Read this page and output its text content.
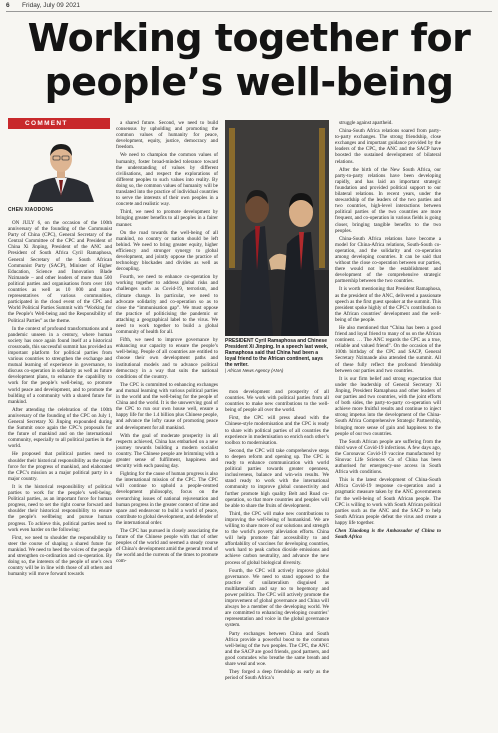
6 Friday, July 09 2021
Working together for
people’s well-being
COMMENT
CHEN XIAODONG

ON JULY 6, on the occasion of the 100th anniversary of the founding of the Communist Party of China (CPC), General Secretary of the Central Committee of the CPC and President of China Xi Jinping, President of the ANC and President of South Africa Cyril Ramaphosa, General Secretary of the South African Communist Party (SACP), Minister of Higher Education, Science and Innovation Blade Nzimande – and other leaders of more than 500 political parties and organisations from over 160 countries as well as 10 000 and more representatives of various communities, participated in the cloud event of the CPC and World Political Parties Summit with “Working for the People’s Well-being and the Responsibility of Political Parties” as the theme.

In the context of profound transformations and a pandemic unseen in a century, where human society has once again found itself at a historical crossroads, this successful summit has provided an important platform for political parties from various countries to strengthen the exchange and mutual learning of experience in governance, to discuss co-operation in solidarity as well as future development plans, to enhance the capability to work for the people’s well-being, so promote world peace and development, and to promote the building of a community with a shared future for mankind.

After attending the celebration of the 100th anniversary of the founding of the CPC on July 1, General Secretary Xi Jinping expounded during the Summit once again the CPC’s proposals for the future of mankind and on the international community, especially to all political parties in the world.

He proposed that political parties need to shoulder their historical responsibility as the major force for the progress of mankind, and elaborated the CPC’s mission as a major political party in a major country.

It is the historical responsibility of political parties to work for the people’s well-being. Political parties, as an important force for human progress, need to set the right course forward and shoulder their historical responsibility to ensure the people’s wellbeing and pursue human progress. To achieve this, political parties need to work even harder on the following:

First, we need to shoulder the responsibility to steer the course of shaping a shared future for mankind. We need to heed the voices of the people and strengthen co-ordination and co-operation. By doing so, the interests of the people of one’s own country will be in line with those of all others and humanity will move forward towards

a shared future. Second, we need to build consensus by upholding and promoting the common values of humanity for peace, development, equity, justice, democracy and freedom.

We need to champion the common values of humanity, foster broad-minded tolerance toward the understanding of values by different civilisations, and respect the explorations of different peoples to such values into reality. By doing so, the common values of humanity will be translated into the practice of individual countries to serve the interests of their own peoples in a concrete and realistic way.

Third, we need to promote development by bringing greater benefits to all peoples in a fairer manner.

On the road towards the well-being of all mankind, no country or nation should be left behind. We need to bring greater equity, higher efficiency and stronger synergy to global development, and jointly oppose the practice of technology blockades and divides as well as decoupling.

Fourth, we need to enhance co-operation by working together to address global risks and challenges such as Covid-19, terrorism, and climate change. In particular, we need to advocate solidarity and co-operation so as to close the “immunisation gap”. We must oppose the practice of politicising the pandemic or attaching a geographical label to the virus. We need to work together to build a global community of health for all.

Fifth, we need to improve governance by enhancing our capacity to ensure the people’s well-being. People of all countries are entitled to choose their own development paths and institutional models and to advance political democracy in a way that suits the national conditions of the country.

The CPC is committed to enhancing exchanges and mutual learning with various political parties in the world and the well-being for the people of China and the world. It is the unswerving goal of the CPC to run our own house well, ensure a happy life for the 1.4 billion plus Chinese people, and advance the lofty cause of promoting peace and development for all mankind.

With the goal of moderate prosperity in all respects achieved, China has embarked on a new journey towards building a modern socialist country. The Chinese people are brimming with a greater sense of fulfilment, happiness and security with each passing day.

Fighting for the cause of human progress is also the international mission of the CPC. The CPC will continue to uphold a people-centred development philosophy, focus on the overarching issues of national rejuvenation and human progress in the greater context of time and space and endeavour to build a world of peace, contribute to global development, and defender of the international order.

The CPC has pursued in closely associating the future of the Chinese people with that of other peoples of the world and seemed a steady course of China’s development amid the general trend of the world and the currents of the times to promote com-

PRESIDENT Cyril Ramaphosa and Chinese President Xi Jinping. In a speech last week, Ramaphosa said that China had been a loyal friend to the African continent, says the writer.
| African News Agency (ANA)

mon development and prosperity of all countries. We work with political parties from all countries to make new contributions to the well-being of people all over the world.

First, the CPC will press ahead with the Chinese-style modernisation and the CPC is ready to share with political parties of all countries the experience in modernisation so enrich each other’s toolbox to modernisation.

Second, the CPC will take comprehensive steps to deepen reform and opening up. The CPC is ready to enhance communication with world political parties towards greater openness, inclusiveness, balance and win-win results. We stand ready to work with the international community to improve global connectivity and further promote high quality Belt and Road co-operation, so that more countries and peoples will be able to share the fruits of development.

Third, the CPC will make new contributions to improving the well-being of humankind. We are willing to share more of our solutions and strength to the world’s poverty alleviation efforts. China will help promote fair accessibility to and affordability of vaccines for developing countries, work hard to peak carbon dioxide emissions and achieve carbon neutrality, and advance the new process of global biological diversity.

Fourth, the CPC will actively improve global governance. We need to stand opposed to the practice of unilateralism disguised as multilateralism and say no to hegemony and power politics. The CPC will actively promote the improvement of global governance and China will always be a member of the developing world. We are committed to enhancing developing countries’ representation and voice in the global governance system.

Party exchanges between China and South Africa provide a powerful boost to the common well-being of the two peoples. The CPC, the ANC and the SACP are good friends, good partners, and good comrades who breathe the same breath and share weal and woe.

They forged a deep friendship as early as the period of South Africa’s

struggle against apartheid.

China-South Africa relations soared from party-to-party exchanges. The strong friendship, close exchanges and important guidance provided by the leaders of the CPC, the ANC and the SACP have boosted the sustained development of bilateral relations.

After the birth of the New South Africa, our party-to-party relations have been developing rapidly, and has laid an important strategic foundation and provided political support to our bilateral relations. In recent years, under the stewardship of the leaders of the two parties and two countries, high-level interactions between political parties of the two countries are more frequent, and co-operation in various fields is going closer, bringing tangible benefits to the two peoples.

China-South Africa relations have become a model for China-Africa relations, South-South co-operation, and the solidarity and co-operation among developing countries. It can be said that without the close co-operation between our parties, there would not be the establishment and development of the comprehensive strategic partnership between the two countries.

It is worth mentioning that President Ramaphosa, as the president of the ANC, delivered a passionate speech as the first guest speaker at the summit. This president spoke highly of the CPC’s contribution to the African countries’ development and the well-being of the people.

He also mentioned that “China has been a good friend and loyal friend to many of us on the African continent. … The ANC regards the CPC as a true, reliable and valued friend”. On the occasion of the 100th birthday of the CPC and SACP, General Secretary Nzimande also attended the summit. All of these fully reflect the profound friendship between our parties and two countries.

It is our firm belief and strong expectation that under the leadership of General Secretary Xi Jinping, President Ramaphosa and other leaders of our parties and two countries, with the joint efforts of both sides, the party-to-party co-operation will achieve more fruitful results and continue to inject strong impetus into the development of the China-South Africa Comprehensive Strategic Partnership, bringing more sense of gain and happiness to the people of our two countries.

The South African people are suffering from the third wave of Covid-19 infections. A few days ago, the Coronavac Covid-19 vaccine manufactured by Sinovac Life Sciences Co of China has been authorised for emergency-use access in South Africa with conditions.

This is the latest development of China-South Africa Covid-19 response co-operation and a pragmatic measure taken by the ANC governments for the well-being of South African people. The CPC is willing to work with South African political parties such as the ANC and the SACP to help South African people defeat the virus and create a happy life together.

Chen Xiaodong is the Ambassador of China to South Africa
